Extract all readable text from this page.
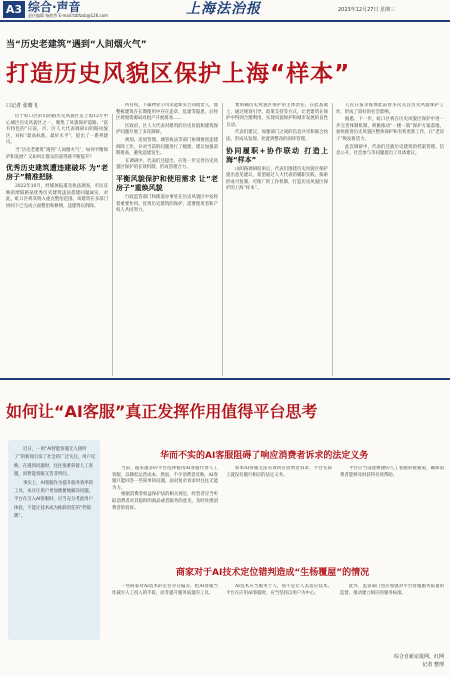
A3 综合·声音
责任编辑 杨轶然 E-mail:fzbfzsb@126.com	上海法治报	2023年12月27日 星期三
当“历史老建筑”遇到“人间烟火气”
打造历史风貌区保护上海“样本”
口记者 张晴飞

位于虹口区的山阴路历史风貌区是上海12片中心城区历史风貌区之一，聚集了风貌保护道路、“富有特色的”日前，市、区人大代表调研山阴路风貌区，对标“最高标准、最好水平”，提出了一系列建议。

当“历史老建筑”遇到“人间烟火气”，如何平衡保护和发展？又如何让群众的获得感不断提升？

优秀历史建筑遭违建破坏 为“老房子”精准把脉

2022年10月，经媒体报道及执法调查，市民反映的溧阳路某优秀历史建筑违法搭建问题属实，对此，虹口区将其纳入重点整治范围。该建筑在多部门协同下已完成立面整治和修缮，违建得以拆除。

所有权，下属物业公司未能如实告知租赁人，使整栋建筑在长期使用中存在违章、乱建等隐患，后经区规划资源局对租户开展排查……

区政府、区人大代表对建筑的历史价值和建筑保护问题开展了多次调研。

规划、房屋管理、城管执法等部门协调推进违建拆除工作，并对当前的问题进行了梳理，建议加强前期排查，避免违建发生。

在调研中，代表们还提出，应进一步完善历史风貌区保护的长效机制，形成管理合力。

平衡风貌保护和使用需求 让“老房子”重焕风貌

行政监管部门和街道办事处在历史风貌区中发挥着重要作用。优秀历史建筑的保护，需要使用者和产权人共同努力。

要明确历史风貌区保护的主体责任，在此基础上，通过规划引导、政策支持等方式，让老建筑在保护中得到合理利用，实现风貌保护和城市发展的良性互动。

代表们建议，加强部门之间的信息共享和联合执法，形成从发现、处置到整改的闭环管理。

协同履职+协作联动 打造上海“样本”

山阴路调研结束后，代表们围绕历史风貌区保护提出意见建议，希望通过人大代表的履职实践，探索形成可复制、可推广的工作机制，打造历史风貌区保护的上海“样本”。

人民日报等媒体此前曾多次关注历史风貌保护工作，形成了较好的社会影响。

据悉，下一步，虹口区将在历史风貌区保护中进一步完善体制机制，积极推动“一楼一策”保护方案落地，加快推进历史风貌区整体保护和有机更新工作，让“老房子”焕发新活力。

此次调研中，代表们还就历史建筑的档案管理、信息公开、社会参与等问题提出了具体建议。

如何让“AI客服”真正发挥作用值得平台思考

近日，一则“AI智能客服无人接听了”的新闻引发了社会的广泛关注。用户反映，在遇到问题时，往往很难转接人工客服，而智能客服又答非所问。

事实上，AI客服作为提升服务效率的工具，本应让用户更加便捷地解决问题。平台在引入AI客服时，应当充分考虑用户体验，不能让技术成为推卸责任的“挡箭牌”。

华而不实的AI客服阻碍了响应消费者诉求的法定义务

当前，越来越多的平台选择使用AI客服代替人工客服，以降低运营成本。然而，不少消费者反映，AI客服只能回答一些简单的问题，面对复杂诉求时往往无能为力。

根据消费者权益保护法的相关规定，经营者应当听取消费者对其提供的商品或者服务的意见，及时处理消费者的投诉。

如果AI客服无法有效回应消费者诉求，平台实际上就没有履行相应的法定义务。

平台应当设置便捷的人工客服转接通道，确保消费者能够及时获得有效帮助。

商家对于AI技术定位错判造成“生杨覆屋”的情况

一些商家对AI技术的定位存在偏差，把AI客服当作减少人工投入的手段，而非提升服务质量的工具。

AI技术应当服务于人，而不是让人去适应技术。平台在应用AI客服时，应当坚持以用户为中心。

此外，监管部门也应加强对平台客服服务质量的监督，推动建立相应的服务标准。

综合自新京报网、红网
记者 整理
